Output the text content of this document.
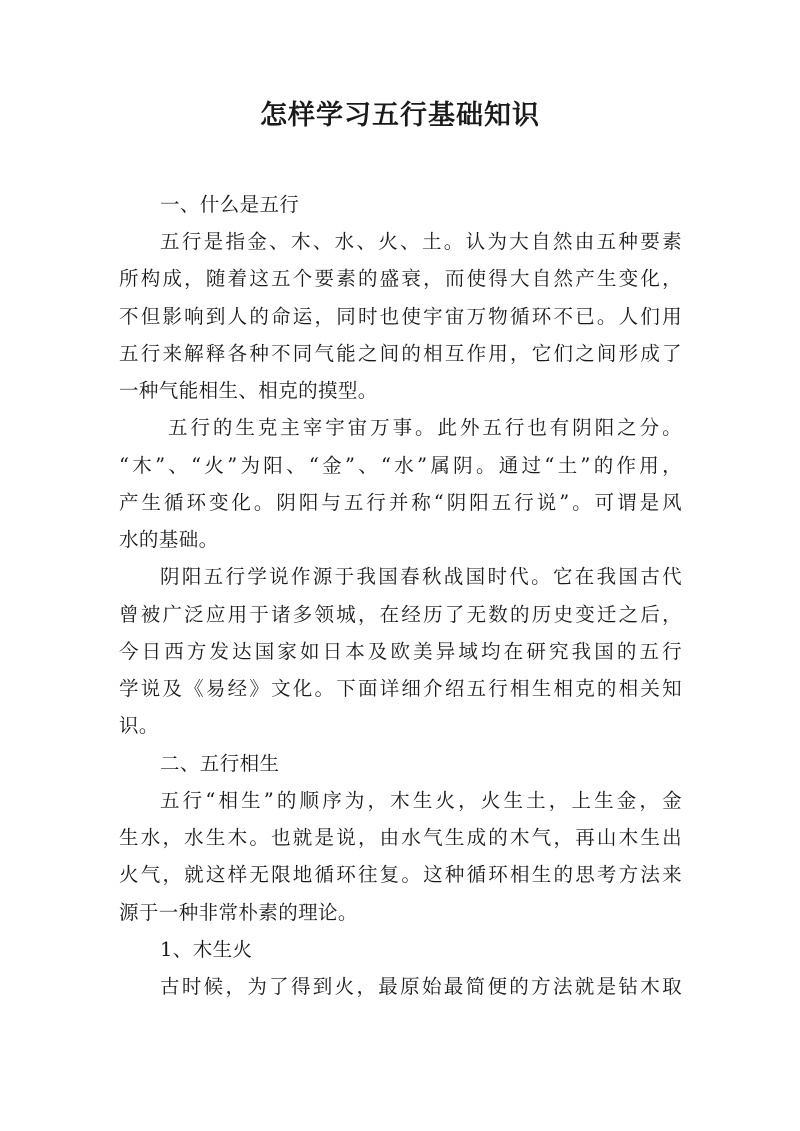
怎样学习五行基础知识
一、什么是五行
五行是指金、木、水、火、土。认为大自然由五种要素
所构成，随着这五个要素的盛衰，而使得大自然产生变化，
不但影响到人的命运，同时也使宇宙万物循环不已。人们用
五行来解释各种不同气能之间的相互作用，它们之间形成了
一种气能相生、相克的摸型。
五行的生克主宰宇宙万事。此外五行也有阴阳之分。
“木”、“火”为阳、“金”、“水”属阴。通过“土”的作用，
产生循环变化。阴阳与五行并称“阴阳五行说”。可谓是风
水的基础。
阴阳五行学说作源于我国春秋战国时代。它在我国古代
曾被广泛应用于诸多领城，在经历了无数的历史变迁之后，
今日西方发达国家如日本及欧美异域均在研究我国的五行
学说及《易经》文化。下面详细介绍五行相生相克的相关知
识。
二、五行相生
五行“相生”的顺序为，木生火，火生土，上生金，金
生水，水生木。也就是说，由水气生成的木气，再山木生出
火气，就这样无限地循环往复。这种循环相生的思考方法来
源于一种非常朴素的理论。
1、木生火
古时候，为了得到火，最原始最简便的方法就是钻木取
